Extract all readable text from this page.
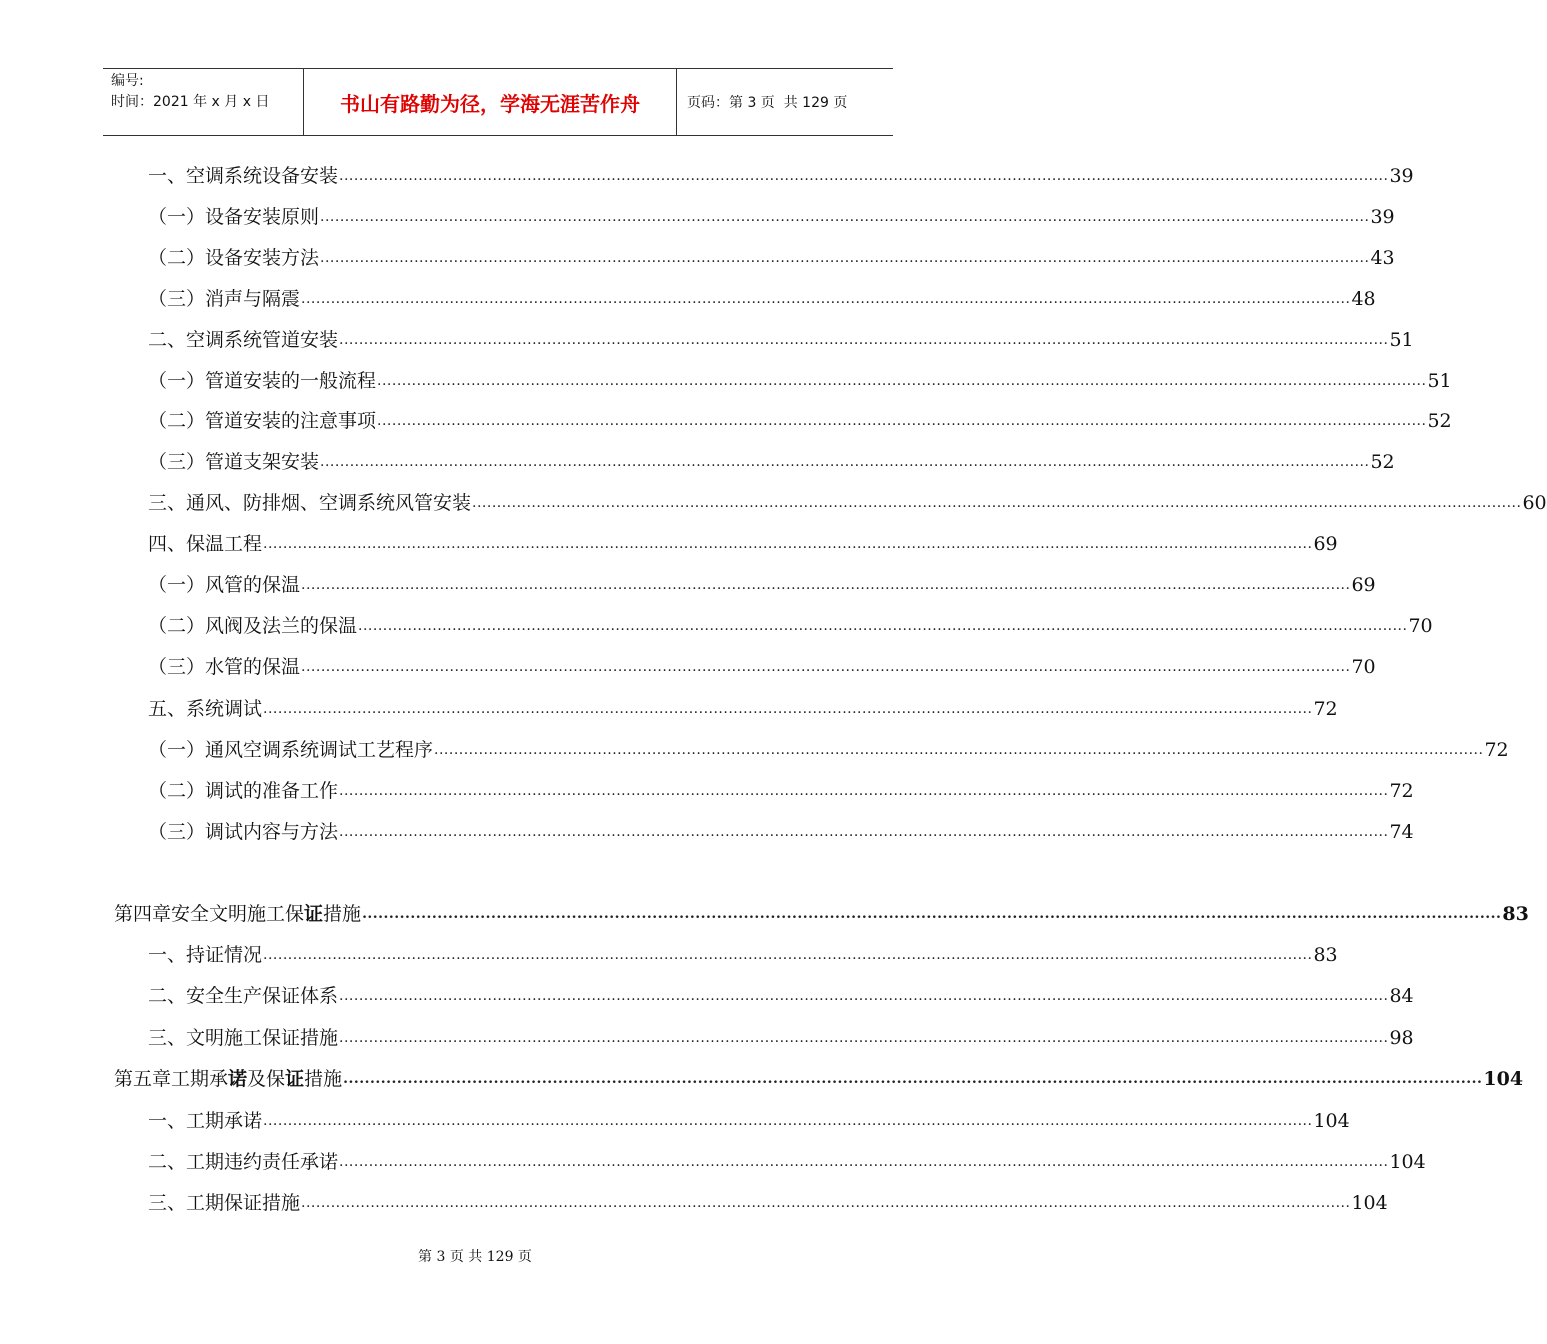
编号:
时间：2021 年 x 月 x 日	书山有路勤为径，学海无涯苦作舟	页码：第 3 页  共 129 页
一、空调系统设备安装 .................................................................................................................................................................................................................... 39
（一）设备安装原则 .................................................................................................................................................................................................................... 39
（二）设备安装方法 .................................................................................................................................................................................................................... 43
（三）消声与隔震 .................................................................................................................................................................................................................... 48
二、空调系统管道安装 .................................................................................................................................................................................................................... 51
（一）管道安装的一般流程 .................................................................................................................................................................................................................... 51
（二）管道安装的注意事项 .................................................................................................................................................................................................................... 52
（三）管道支架安装 .................................................................................................................................................................................................................... 52
三、通风、防排烟、空调系统风管安装 .................................................................................................................................................................................................................... 60
四、保温工程 .................................................................................................................................................................................................................... 69
（一）风管的保温 .................................................................................................................................................................................................................... 69
（二）风阀及法兰的保温 .................................................................................................................................................................................................................... 70
（三）水管的保温 .................................................................................................................................................................................................................... 70
五、系统调试 .................................................................................................................................................................................................................... 72
（一）通风空调系统调试工艺程序 .................................................................................................................................................................................................................... 72
（二）调试的准备工作 .................................................................................................................................................................................................................... 72
（三）调试内容与方法 .................................................................................................................................................................................................................... 74
第四章 安全文明施工保 证 措施 .................................................................................................................................................................................................................... 83
一、持证情况 .................................................................................................................................................................................................................... 83
二、安全生产保证体系 .................................................................................................................................................................................................................... 84
三、文明施工保证措施 .................................................................................................................................................................................................................... 98
第五章 工期承 诺 及保 证 措施 .................................................................................................................................................................................................................... 104
一、工期承诺 .................................................................................................................................................................................................................... 104
二、工期违约责任承诺 .................................................................................................................................................................................................................... 104
三、工期保证措施 .................................................................................................................................................................................................................... 104
第 3 页 共 129 页
